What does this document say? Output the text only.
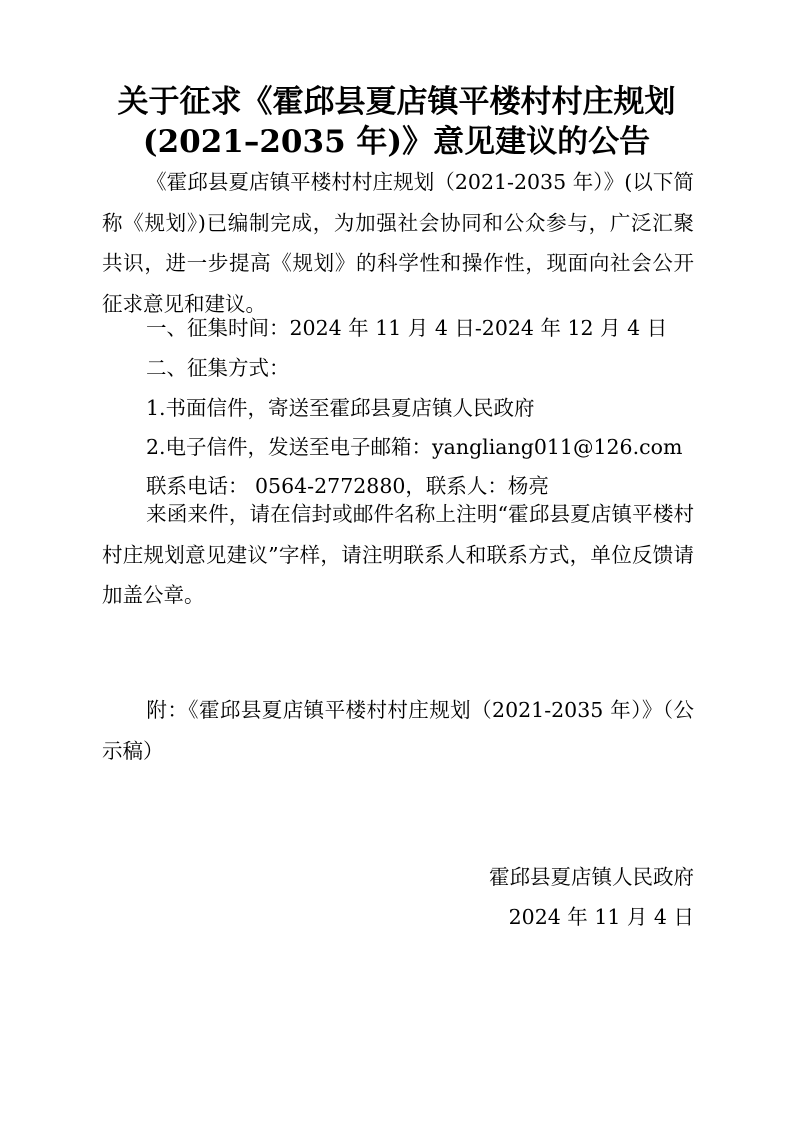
关于征求《霍邱县夏店镇平楼村村庄规划
(2021–2035 年)》意见建议的公告
《霍邱县夏店镇平楼村村庄规划（2021-2035 年）》(以下简称《规划》)已编制完成，为加强社会协同和公众参与，广泛汇聚共识，进一步提高《规划》的科学性和操作性，现面向社会公开征求意见和建议。
一、征集时间：2024 年 11 月 4 日-2024 年 12 月 4 日
二、征集方式：
1.书面信件，寄送至霍邱县夏店镇人民政府
2.电子信件，发送至电子邮箱：yangliang011@126.com
联系电话： 0564-2772880，联系人：杨亮
来函来件，请在信封或邮件名称上注明“霍邱县夏店镇平楼村村庄规划意见建议”字样，请注明联系人和联系方式，单位反馈请加盖公章。
附：《霍邱县夏店镇平楼村村庄规划（2021-2035 年）》（公示稿）
霍邱县夏店镇人民政府
2024 年 11 月 4 日
